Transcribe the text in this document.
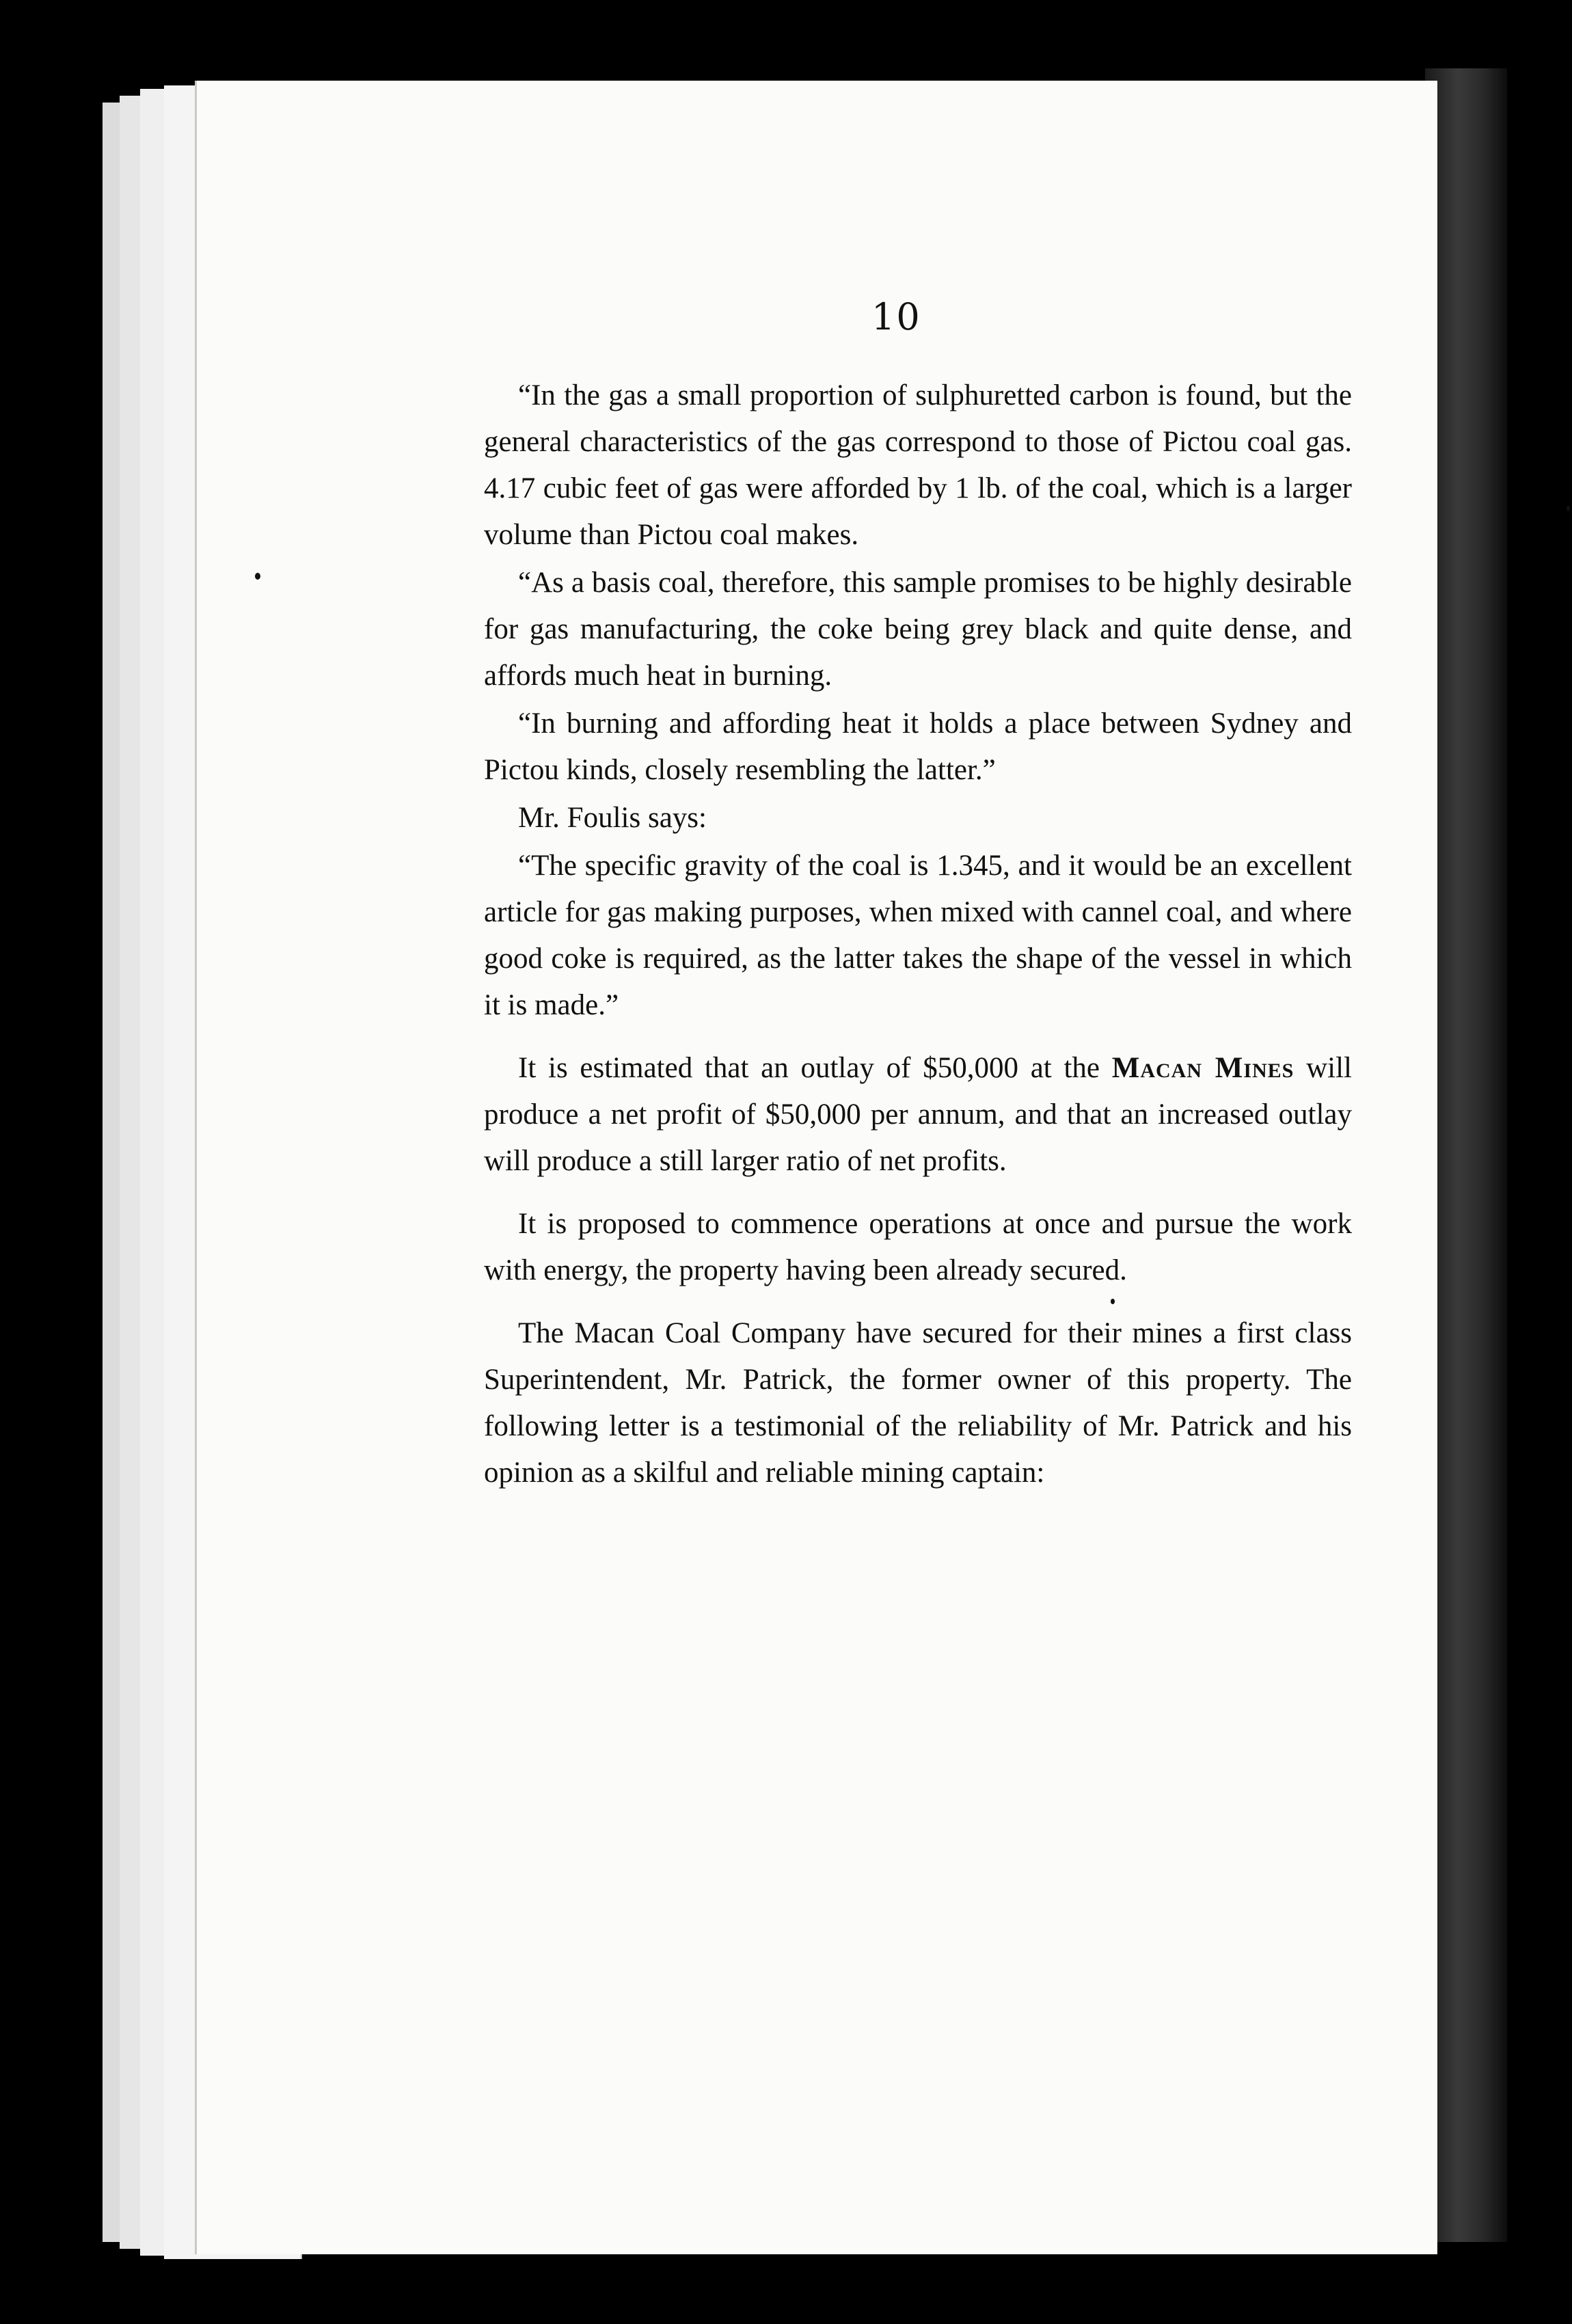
10

“In the gas a small proportion of sulphuretted carbon is found, but the general characteristics of the gas correspond to those of Pictou coal gas. 4.17 cubic feet of gas were afforded by 1 lb. of the coal, which is a larger volume than Pictou coal makes.

“As a basis coal, therefore, this sample promises to be highly desirable for gas manufacturing, the coke being grey black and quite dense, and affords much heat in burning.

“In burning and affording heat it holds a place between Sydney and Pictou kinds, closely resembling the latter.”

Mr. Foulis says:

“The specific gravity of the coal is 1.345, and it would be an excellent article for gas making purposes, when mixed with cannel coal, and where good coke is required, as the latter takes the shape of the vessel in which it is made.”

It is estimated that an outlay of $50,000 at the Macan Mines will produce a net profit of $50,000 per annum, and that an increased outlay will produce a still larger ratio of net profits.

It is proposed to commence operations at once and pursue the work with energy, the property having been already secured.

The Macan Coal Company have secured for their mines a first class Superintendent, Mr. Patrick, the former owner of this property. The following letter is a testimonial of the reliability of Mr. Patrick and his opinion as a skilful and reliable mining captain:
